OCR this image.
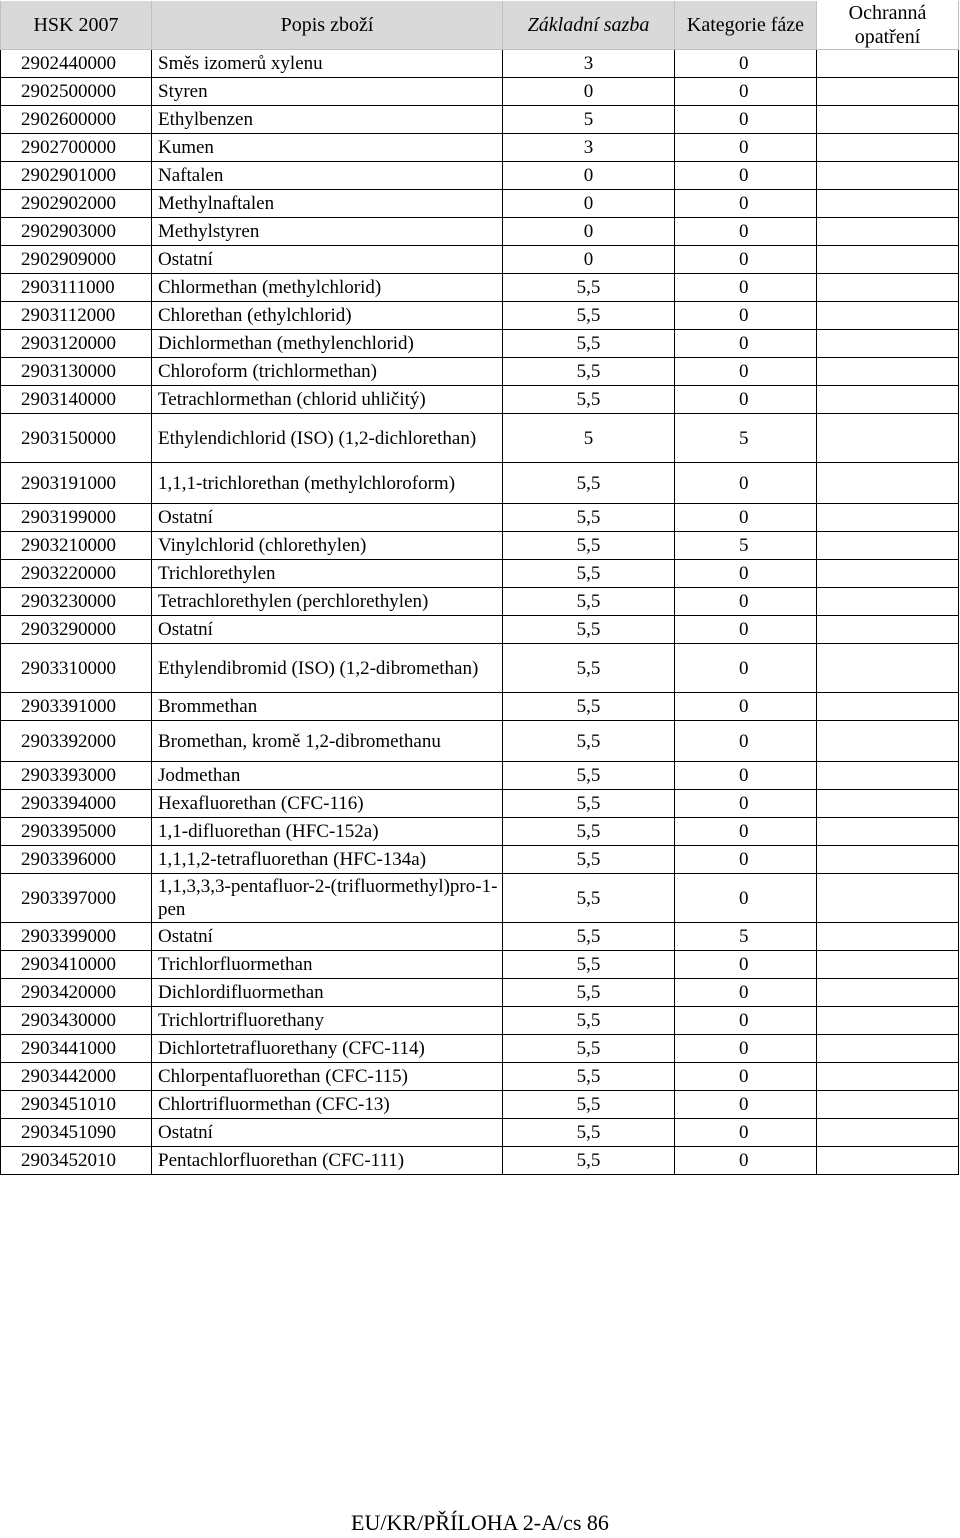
HSK 2007	Popis zboží	Základní sazba	Kategorie fáze	Ochranná opatření
2902440000	Směs izomerů xylenu	3	0	
2902500000	Styren	0	0	
2902600000	Ethylbenzen	5	0	
2902700000	Kumen	3	0	
2902901000	Naftalen	0	0	
2902902000	Methylnaftalen	0	0	
2902903000	Methylstyren	0	0	
2902909000	Ostatní	0	0	
2903111000	Chlormethan (methylchlorid)	5,5	0	
2903112000	Chlorethan (ethylchlorid)	5,5	0	
2903120000	Dichlormethan (methylenchlorid)	5,5	0	
2903130000	Chloroform (trichlormethan)	5,5	0	
2903140000	Tetrachlormethan (chlorid uhličitý)	5,5	0	
2903150000	Ethylendichlorid (ISO) (1,2-dichlorethan)	5	5	
2903191000	1,1,1-trichlorethan (methylchloroform)	5,5	0	
2903199000	Ostatní	5,5	0	
2903210000	Vinylchlorid (chlorethylen)	5,5	5	
2903220000	Trichlorethylen	5,5	0	
2903230000	Tetrachlorethylen (perchlorethylen)	5,5	0	
2903290000	Ostatní	5,5	0	
2903310000	Ethylendibromid (ISO) (1,2-dibromethan)	5,5	0	
2903391000	Brommethan	5,5	0	
2903392000	Bromethan, kromě 1,2-dibromethanu	5,5	0	
2903393000	Jodmethan	5,5	0	
2903394000	Hexafluorethan (CFC-116)	5,5	0	
2903395000	1,1-difluorethan (HFC-152a)	5,5	0	
2903396000	1,1,1,2-tetrafluorethan (HFC-134a)	5,5	0	
2903397000	1,1,3,3,3-pentafluor-2-(trifluormethyl)pro-1-pen	5,5	0	
2903399000	Ostatní	5,5	5	
2903410000	Trichlorfluormethan	5,5	0	
2903420000	Dichlordifluormethan	5,5	0	
2903430000	Trichlortrifluorethany	5,5	0	
2903441000	Dichlortetrafluorethany (CFC-114)	5,5	0	
2903442000	Chlorpentafluorethan (CFC-115)	5,5	0	
2903451010	Chlortrifluormethan (CFC-13)	5,5	0	
2903451090	Ostatní	5,5	0	
2903452010	Pentachlorfluorethan (CFC-111)	5,5	0	
EU/KR/PŘÍLOHA 2-A/cs 86
